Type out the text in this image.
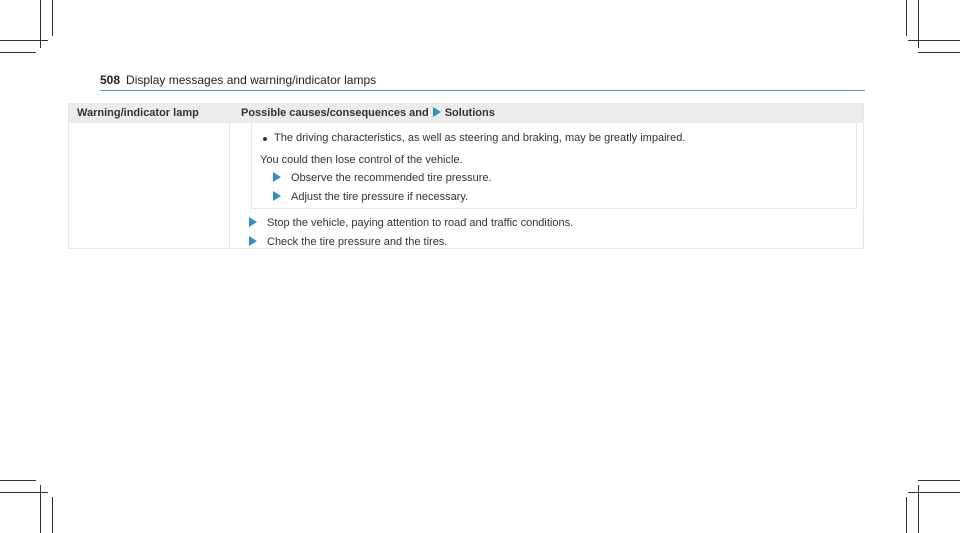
508 Display messages and warning/indicator lamps
Warning/indicator lamp	Possible causes/consequences and Solutions
The driving characteristics, as well as steering and braking, may be greatly impaired.
You could then lose control of the vehicle.
Observe the recommended tire pressure.
Adjust the tire pressure if necessary.
Stop the vehicle, paying attention to road and traffic conditions.
Check the tire pressure and the tires.
